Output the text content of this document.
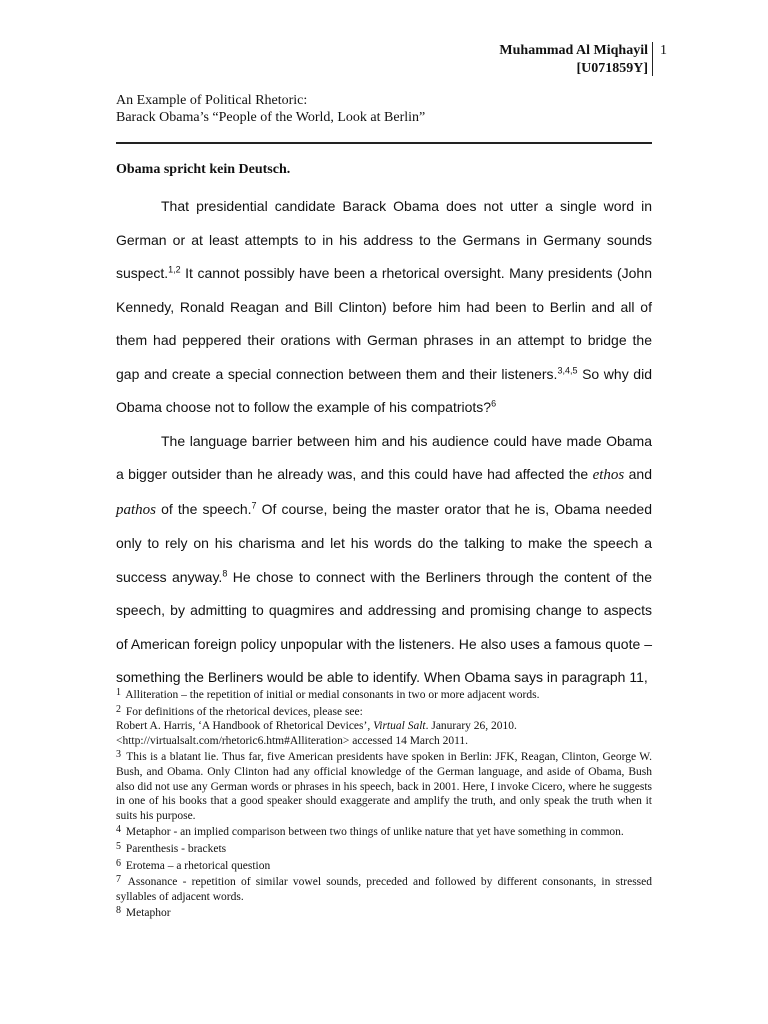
Muhammad Al Miqhayil
[U071859Y]
1
An Example of Political Rhetoric:
Barack Obama’s “People of the World, Look at Berlin”
Obama spricht kein Deutsch.

That presidential candidate Barack Obama does not utter a single word in German or at least attempts to in his address to the Germans in Germany sounds suspect.$^{1,2}$ It cannot possibly have been a rhetorical oversight. Many presidents (John Kennedy, Ronald Reagan and Bill Clinton) before him had been to Berlin and all of them had peppered their orations with German phrases in an attempt to bridge the gap and create a special connection between them and their listeners.$^{3,4,5}$ So why did Obama choose not to follow the example of his compatriots?$^6$

The language barrier between him and his audience could have made Obama a bigger outsider than he already was, and this could have had affected the ethos and pathos of the speech.$^7$ Of course, being the master orator that he is, Obama needed only to rely on his charisma and let his words do the talking to make the speech a success anyway.$^8$ He chose to connect with the Berliners through the content of the speech, by admitting to quagmires and addressing and promising change to aspects of American foreign policy unpopular with the listeners. He also uses a famous quote – something the Berliners would be able to identify. When Obama says in paragraph 11,

1 Alliteration – the repetition of initial or medial consonants in two or more adjacent words.
2 For definitions of the rhetorical devices, please see:
Robert A. Harris, ‘A Handbook of Rhetorical Devices’, Virtual Salt. Janurary 26, 2010.
<http://virtualsalt.com/rhetoric6.htm#Alliteration> accessed 14 March 2011.
3 This is a blatant lie. Thus far, five American presidents have spoken in Berlin: JFK, Reagan, Clinton, George W. Bush, and Obama. Only Clinton had any official knowledge of the German language, and aside of Obama, Bush also did not use any German words or phrases in his speech, back in 2001. Here, I invoke Cicero, where he suggests in one of his books that a good speaker should exaggerate and amplify the truth, and only speak the truth when it suits his purpose.
4 Metaphor - an implied comparison between two things of unlike nature that yet have something in common.
5 Parenthesis - brackets
6 Erotema – a rhetorical question
7 Assonance - repetition of similar vowel sounds, preceded and followed by different consonants, in stressed syllables of adjacent words.
8 Metaphor
